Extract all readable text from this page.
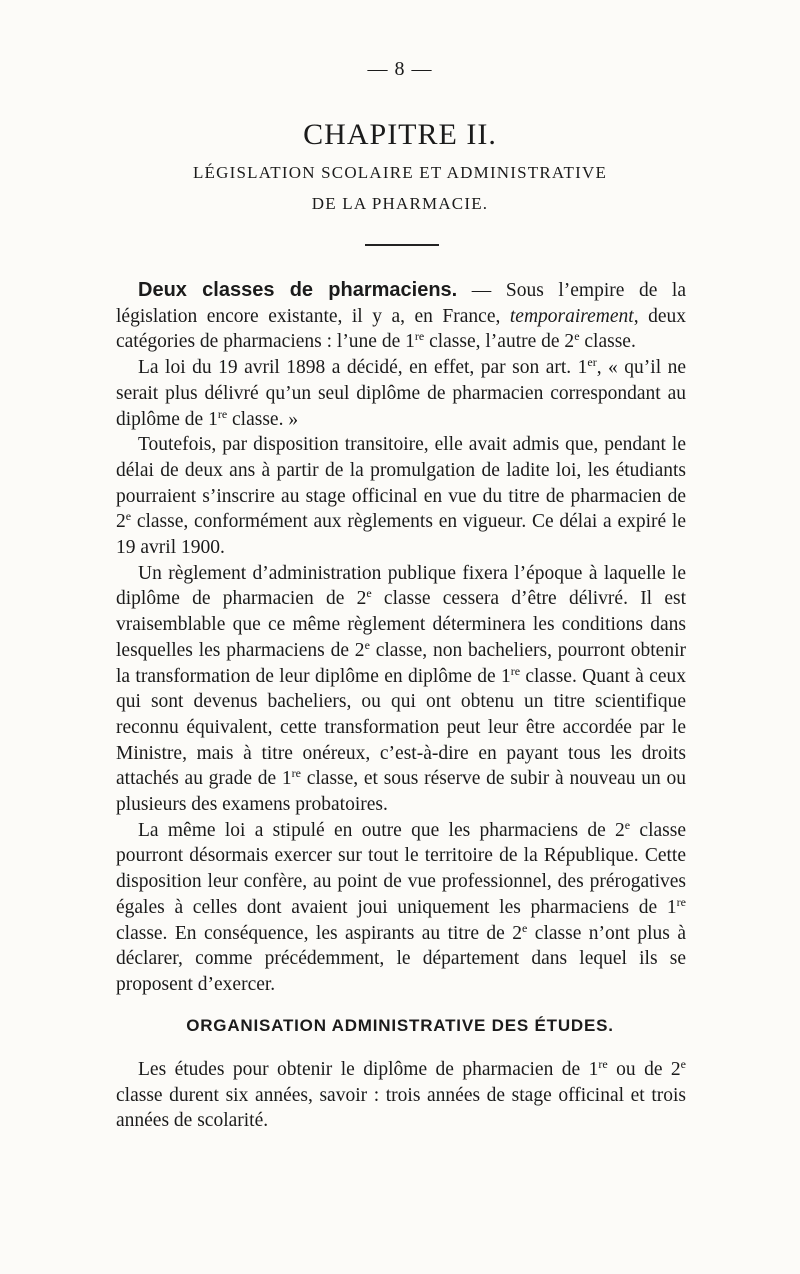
— 8 —
CHAPITRE II.
LÉGISLATION SCOLAIRE ET ADMINISTRATIVE
DE LA PHARMACIE.

Deux classes de pharmaciens. — Sous l’empire de la législation encore existante, il y a, en France, temporairement, deux catégories de pharmaciens : l’une de 1re classe, l’autre de 2e classe.

La loi du 19 avril 1898 a décidé, en effet, par son art. 1er, « qu’il ne serait plus délivré qu’un seul diplôme de pharmacien correspondant au diplôme de 1re classe. »

Toutefois, par disposition transitoire, elle avait admis que, pendant le délai de deux ans à partir de la promulgation de ladite loi, les étudiants pourraient s’inscrire au stage officinal en vue du titre de pharmacien de 2e classe, conformément aux règlements en vigueur. Ce délai a expiré le 19 avril 1900.

Un règlement d’administration publique fixera l’époque à laquelle le diplôme de pharmacien de 2e classe cessera d’être délivré. Il est vraisemblable que ce même règlement déterminera les conditions dans lesquelles les pharmaciens de 2e classe, non bacheliers, pourront obtenir la transformation de leur diplôme en diplôme de 1re classe. Quant à ceux qui sont devenus bacheliers, ou qui ont obtenu un titre scientifique reconnu équivalent, cette transformation peut leur être accordée par le Ministre, mais à titre onéreux, c’est-à-dire en payant tous les droits attachés au grade de 1re classe, et sous réserve de subir à nouveau un ou plusieurs des examens probatoires.

La même loi a stipulé en outre que les pharmaciens de 2e classe pourront désormais exercer sur tout le territoire de la République. Cette disposition leur confère, au point de vue professionnel, des prérogatives égales à celles dont avaient joui uniquement les pharmaciens de 1re classe. En conséquence, les aspirants au titre de 2e classe n’ont plus à déclarer, comme précédemment, le département dans lequel ils se proposent d’exercer.

ORGANISATION ADMINISTRATIVE DES ÉTUDES.

Les études pour obtenir le diplôme de pharmacien de 1re ou de 2e classe durent six années, savoir : trois années de stage officinal et trois années de scolarité.
